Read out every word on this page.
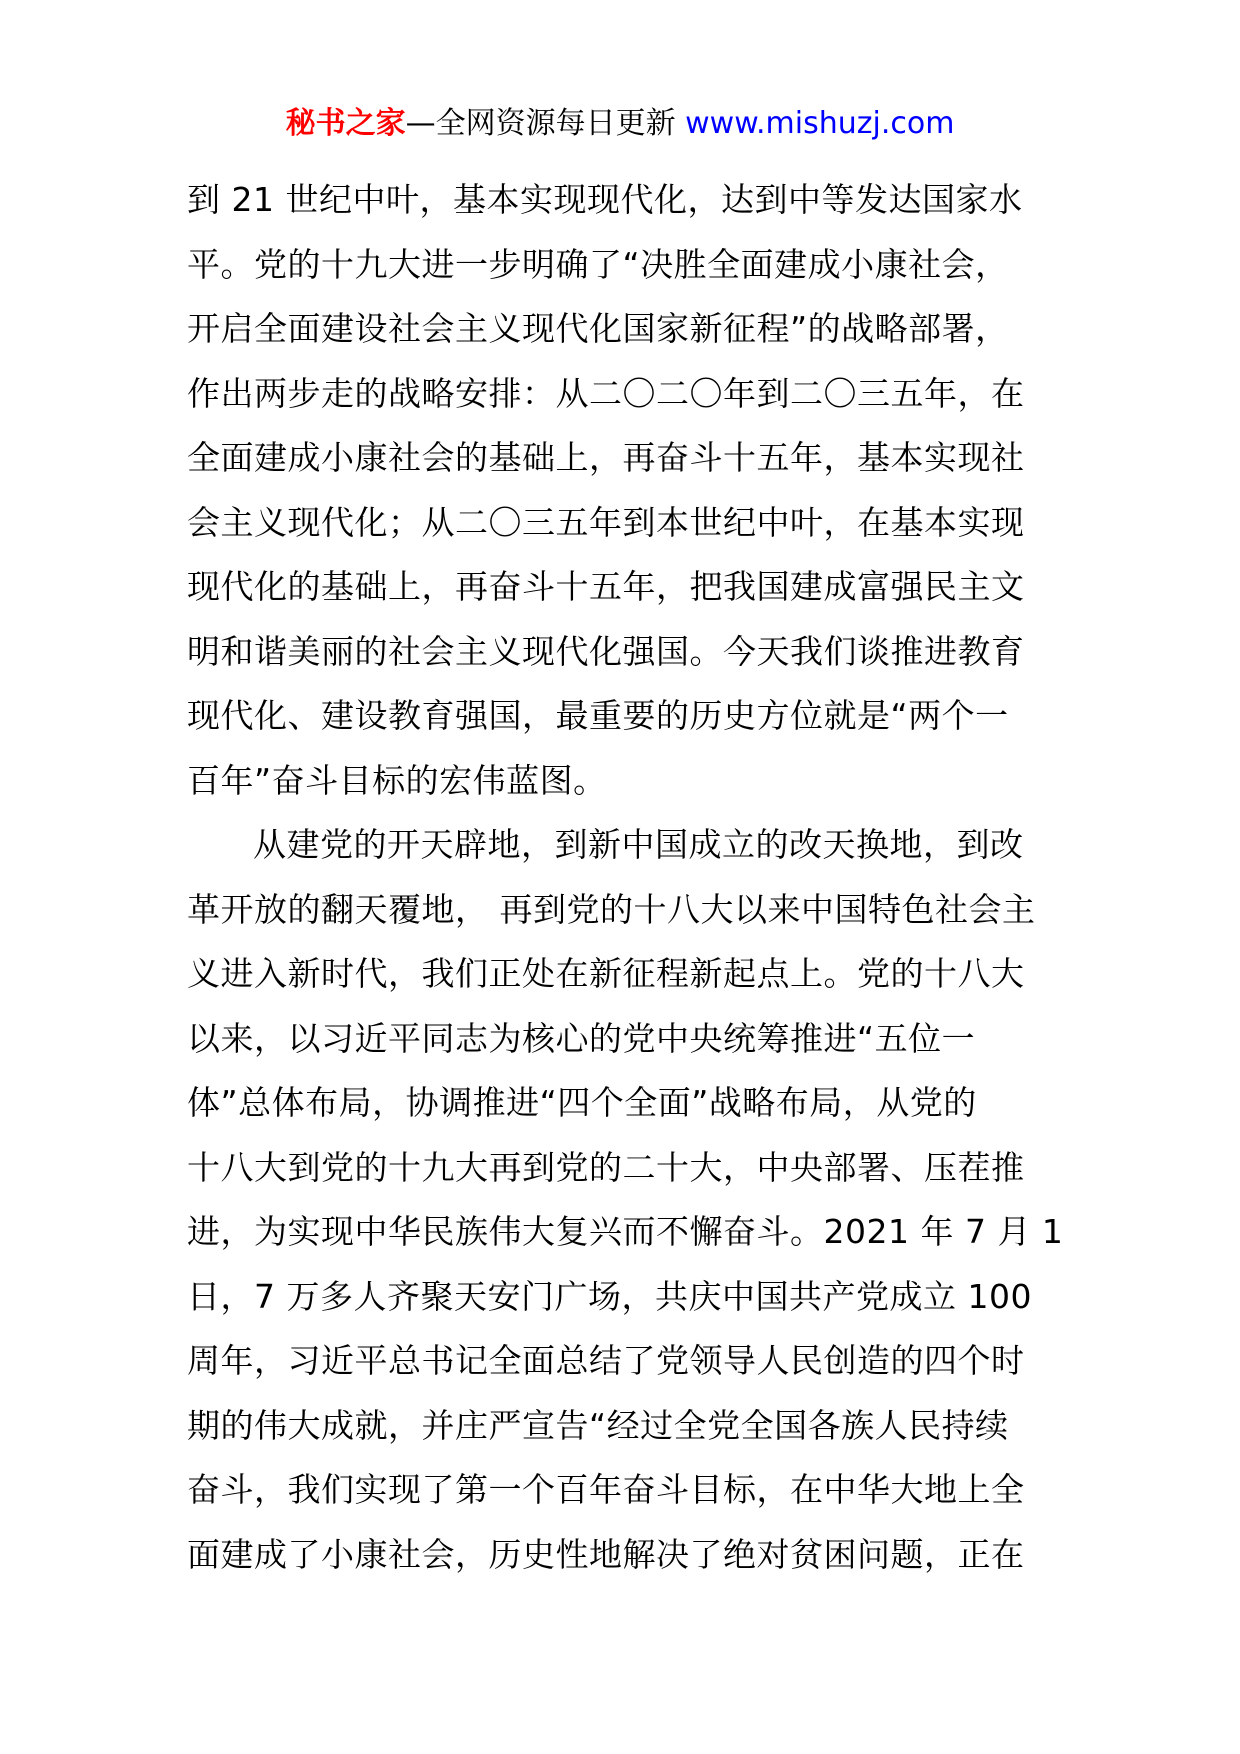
秘书之家—全网资源每日更新 www.mishuzj.com
到 21 世纪中叶，基本实现现代化，达到中等发达国家水
平。党的十九大进一步明确了“决胜全面建成小康社会，
开启全面建设社会主义现代化国家新征程”的战略部署，
作出两步走的战略安排：从二〇二〇年到二〇三五年，在
全面建成小康社会的基础上，再奋斗十五年，基本实现社
会主义现代化；从二〇三五年到本世纪中叶，在基本实现
现代化的基础上，再奋斗十五年，把我国建成富强民主文
明和谐美丽的社会主义现代化强国。今天我们谈推进教育
现代化、建设教育强国，最重要的历史方位就是“两个一
百年”奋斗目标的宏伟蓝图。
从建党的开天辟地，到新中国成立的改天换地，到改
革开放的翻天覆地， 再到党的十八大以来中国特色社会主
义进入新时代，我们正处在新征程新起点上。党的十八大
以来，以习近平同志为核心的党中央统筹推进“五位一
体”总体布局，协调推进“四个全面”战略布局，从党的
十八大到党的十九大再到党的二十大，中央部署、压茬推
进，为实现中华民族伟大复兴而不懈奋斗。2021 年 7 月 1
日，7 万多人齐聚天安门广场，共庆中国共产党成立 100
周年，习近平总书记全面总结了党领导人民创造的四个时
期的伟大成就，并庄严宣告“经过全党全国各族人民持续
奋斗，我们实现了第一个百年奋斗目标，在中华大地上全
面建成了小康社会，历史性地解决了绝对贫困问题，正在
